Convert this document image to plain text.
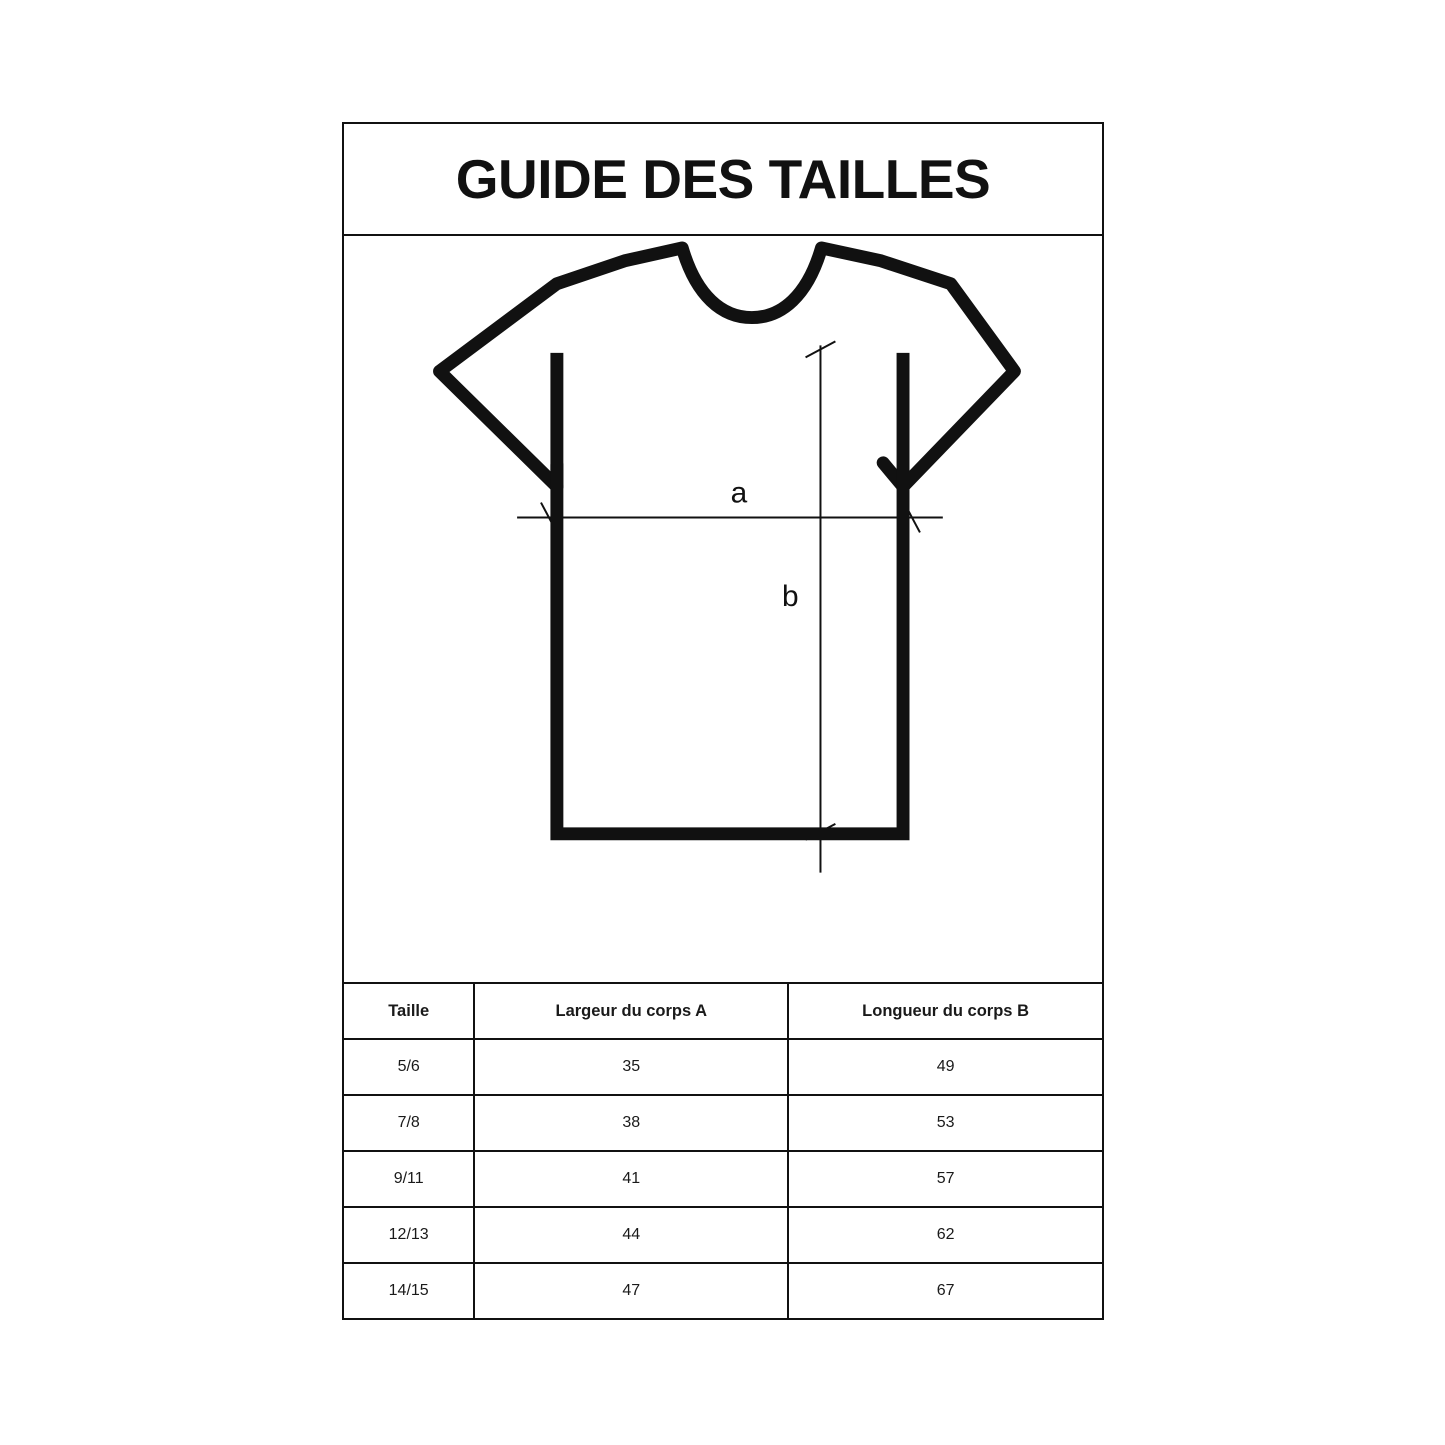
GUIDE DES TAILLES
a
b
Taille	Largeur du corps A	Longueur du corps B
5/6	35	49
7/8	38	53
9/11	41	57
12/13	44	62
14/15	47	67
